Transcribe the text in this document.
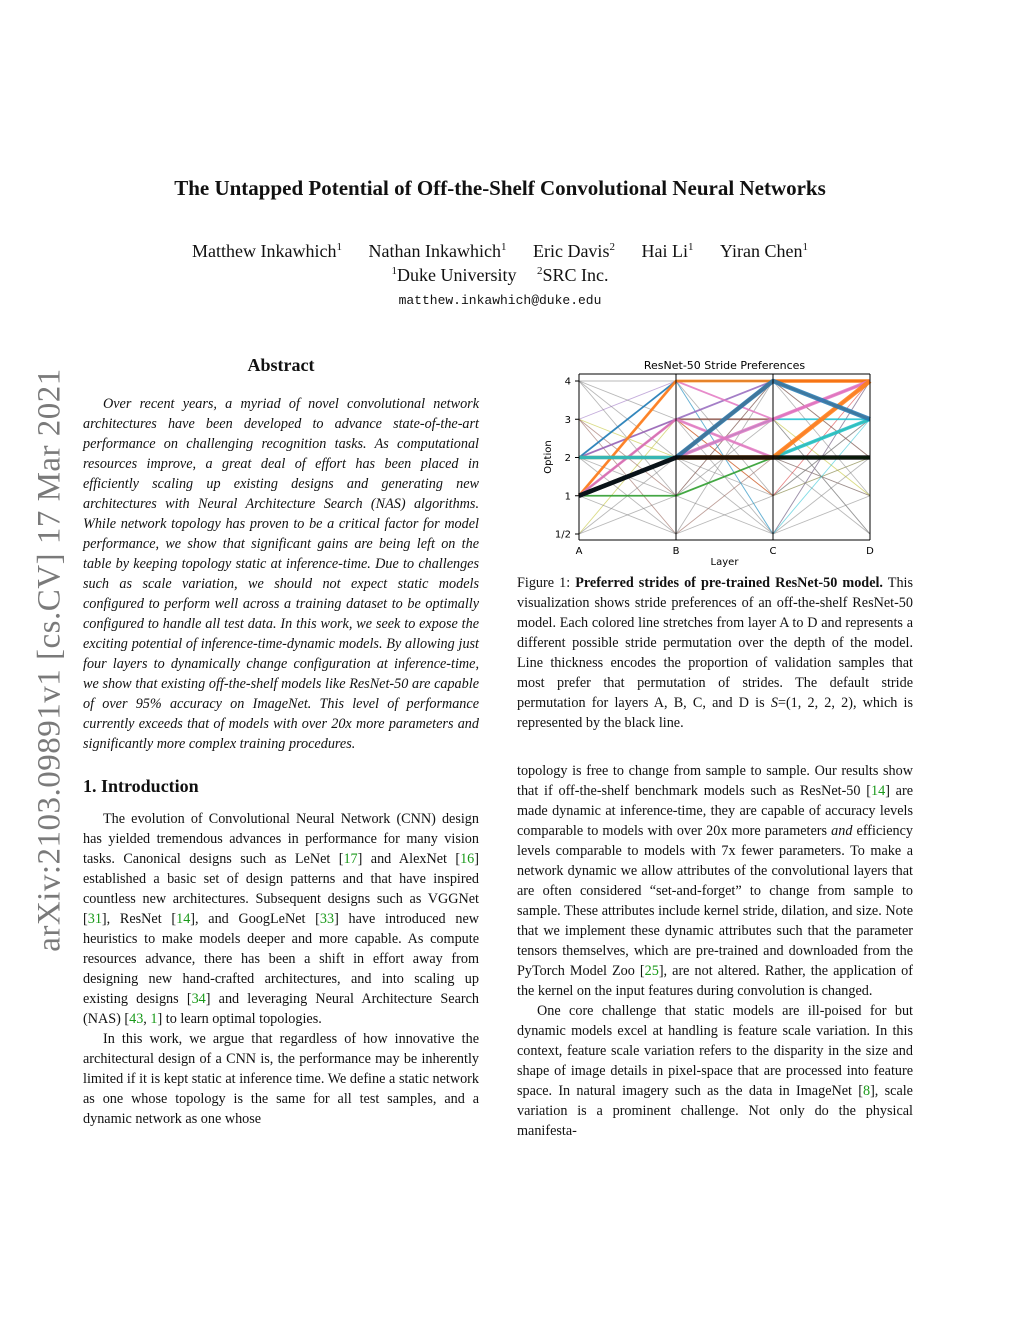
The Untapped Potential of Off-the-Shelf Convolutional Neural Networks
Matthew Inkawhich$^1$ Nathan Inkawhich$^1$ Eric Davis$^2$ Hai Li$^1$ Yiran Chen$^1$
$^1$Duke University $^2$SRC Inc.
matthew.inkawhich@duke.edu
arXiv:2103.09891v1 [cs.CV] 17 Mar 2021
Abstract

Over recent years, a myriad of novel convolutional network architectures have been developed to advance state-of-the-art performance on challenging recognition tasks. As computational resources improve, a great deal of effort has been placed in efficiently scaling up existing designs and generating new architectures with Neural Architecture Search (NAS) algorithms. While network topology has proven to be a critical factor for model performance, we show that significant gains are being left on the table by keeping topology static at inference-time. Due to challenges such as scale variation, we should not expect static models configured to perform well across a training dataset to be optimally configured to handle all test data. In this work, we seek to expose the exciting potential of inference-time-dynamic models. By allowing just four layers to dynamically change configuration at inference-time, we show that existing off-the-shelf models like ResNet-50 are capable of over 95% accuracy on ImageNet. This level of performance currently exceeds that of models with over 20x more parameters and significantly more complex training procedures.

1. Introduction

The evolution of Convolutional Neural Network (CNN) design has yielded tremendous advances in performance for many vision tasks. Canonical designs such as LeNet [17] and AlexNet [16] established a basic set of design patterns and that have inspired countless new architectures. Subsequent designs such as VGGNet [31], ResNet [14], and GoogLeNet [33] have introduced new heuristics to make models deeper and more capable. As compute resources advance, there has been a shift in effort away from designing new hand-crafted architectures, and into scaling up existing designs [34] and leveraging Neural Architecture Search (NAS) [43, 1] to learn optimal topologies.

In this work, we argue that regardless of how innovative the architectural design of a CNN is, the performance may be inherently limited if it is kept static at inference time. We define a static network as one whose topology is the same for all test samples, and a dynamic network as one whose

A	B	C	D
1/2
1
2
3
4
ResNet-50 Stride Preferences
Layer
Option

Figure 1: Preferred strides of pre-trained ResNet-50 model. This visualization shows stride preferences of an off-the-shelf ResNet-50 model. Each colored line stretches from layer A to D and represents a different possible stride permutation over the depth of the model. Line thickness encodes the proportion of validation samples that most prefer that permutation of strides. The default stride permutation for layers A, B, C, and D is S=(1, 2, 2, 2), which is represented by the black line.

topology is free to change from sample to sample. Our results show that if off-the-shelf benchmark models such as ResNet-50 [14] are made dynamic at inference-time, they are capable of accuracy levels comparable to models with over 20x more parameters and efficiency levels comparable to models with 7x fewer parameters. To make a network dynamic we allow attributes of the convolutional layers that are often considered “set-and-forget” to change from sample to sample. These attributes include kernel stride, dilation, and size. Note that we implement these dynamic attributes such that the parameter tensors themselves, which are pre-trained and downloaded from the PyTorch Model Zoo [25], are not altered. Rather, the application of the kernel on the input features during convolution is changed.

One core challenge that static models are ill-poised for but dynamic models excel at handling is feature scale variation. In this context, feature scale variation refers to the disparity in the size and shape of image details in pixel-space that are processed into feature space. In natural imagery such as the data in ImageNet [8], scale variation is a prominent challenge. Not only do the physical manifesta-
